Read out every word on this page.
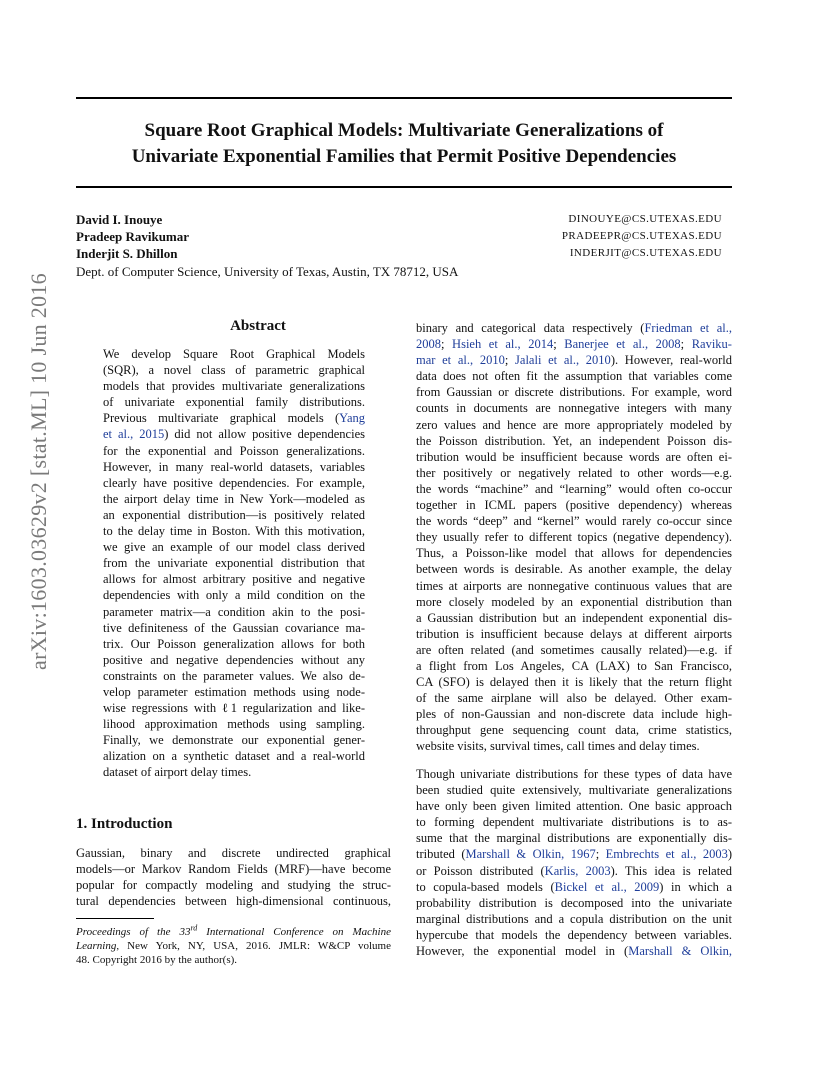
arXiv:1603.03629v2 [stat.ML] 10 Jun 2016
Square Root Graphical Models: Multivariate Generalizations of
Univariate Exponential Families that Permit Positive Dependencies
David I. Inouye	DINOUYE@CS.UTEXAS.EDU
Pradeep Ravikumar	PRADEEPR@CS.UTEXAS.EDU
Inderjit S. Dhillon	INDERJIT@CS.UTEXAS.EDU
Dept. of Computer Science, University of Texas, Austin, TX 78712, USA
Abstract
We develop Square Root Graphical Models
(SQR), a novel class of parametric graphical
models that provides multivariate generalizations
of univariate exponential family distributions.
Previous multivariate graphical models (Yang
et al., 2015) did not allow positive dependencies
for the exponential and Poisson generalizations.
However, in many real-world datasets, variables
clearly have positive dependencies. For example,
the airport delay time in New York—modeled as
an exponential distribution—is positively related
to the delay time in Boston. With this motivation,
we give an example of our model class derived
from the univariate exponential distribution that
allows for almost arbitrary positive and negative
dependencies with only a mild condition on the
parameter matrix—a condition akin to the posi-
tive definiteness of the Gaussian covariance ma-
trix. Our Poisson generalization allows for both
positive and negative dependencies without any
constraints on the parameter values. We also de-
velop parameter estimation methods using node-
wise regressions with ℓ1 regularization and like-
lihood approximation methods using sampling.
Finally, we demonstrate our exponential gener-
alization on a synthetic dataset and a real-world
dataset of airport delay times.
1. Introduction
Gaussian, binary and discrete undirected graphical
models—or Markov Random Fields (MRF)—have become
popular for compactly modeling and studying the struc-
tural dependencies between high-dimensional continuous,
Proceedings of the 33rd International Conference on Machine
Learning, New York, NY, USA, 2016. JMLR: W&CP volume
48. Copyright 2016 by the author(s).
binary and categorical data respectively (Friedman et al.,
2008; Hsieh et al., 2014; Banerjee et al., 2008; Raviku-
mar et al., 2010; Jalali et al., 2010). However, real-world
data does not often fit the assumption that variables come
from Gaussian or discrete distributions. For example, word
counts in documents are nonnegative integers with many
zero values and hence are more appropriately modeled by
the Poisson distribution. Yet, an independent Poisson dis-
tribution would be insufficient because words are often ei-
ther positively or negatively related to other words—e.g.
the words “machine” and “learning” would often co-occur
together in ICML papers (positive dependency) whereas
the words “deep” and “kernel” would rarely co-occur since
they usually refer to different topics (negative dependency).
Thus, a Poisson-like model that allows for dependencies
between words is desirable. As another example, the delay
times at airports are nonnegative continuous values that are
more closely modeled by an exponential distribution than
a Gaussian distribution but an independent exponential dis-
tribution is insufficient because delays at different airports
are often related (and sometimes causally related)—e.g. if
a flight from Los Angeles, CA (LAX) to San Francisco,
CA (SFO) is delayed then it is likely that the return flight
of the same airplane will also be delayed. Other exam-
ples of non-Gaussian and non-discrete data include high-
throughput gene sequencing count data, crime statistics,
website visits, survival times, call times and delay times.
Though univariate distributions for these types of data have
been studied quite extensively, multivariate generalizations
have only been given limited attention. One basic approach
to forming dependent multivariate distributions is to as-
sume that the marginal distributions are exponentially dis-
tributed (Marshall & Olkin, 1967; Embrechts et al., 2003)
or Poisson distributed (Karlis, 2003). This idea is related
to copula-based models (Bickel et al., 2009) in which a
probability distribution is decomposed into the univariate
marginal distributions and a copula distribution on the unit
hypercube that models the dependency between variables.
However, the exponential model in (Marshall & Olkin,
